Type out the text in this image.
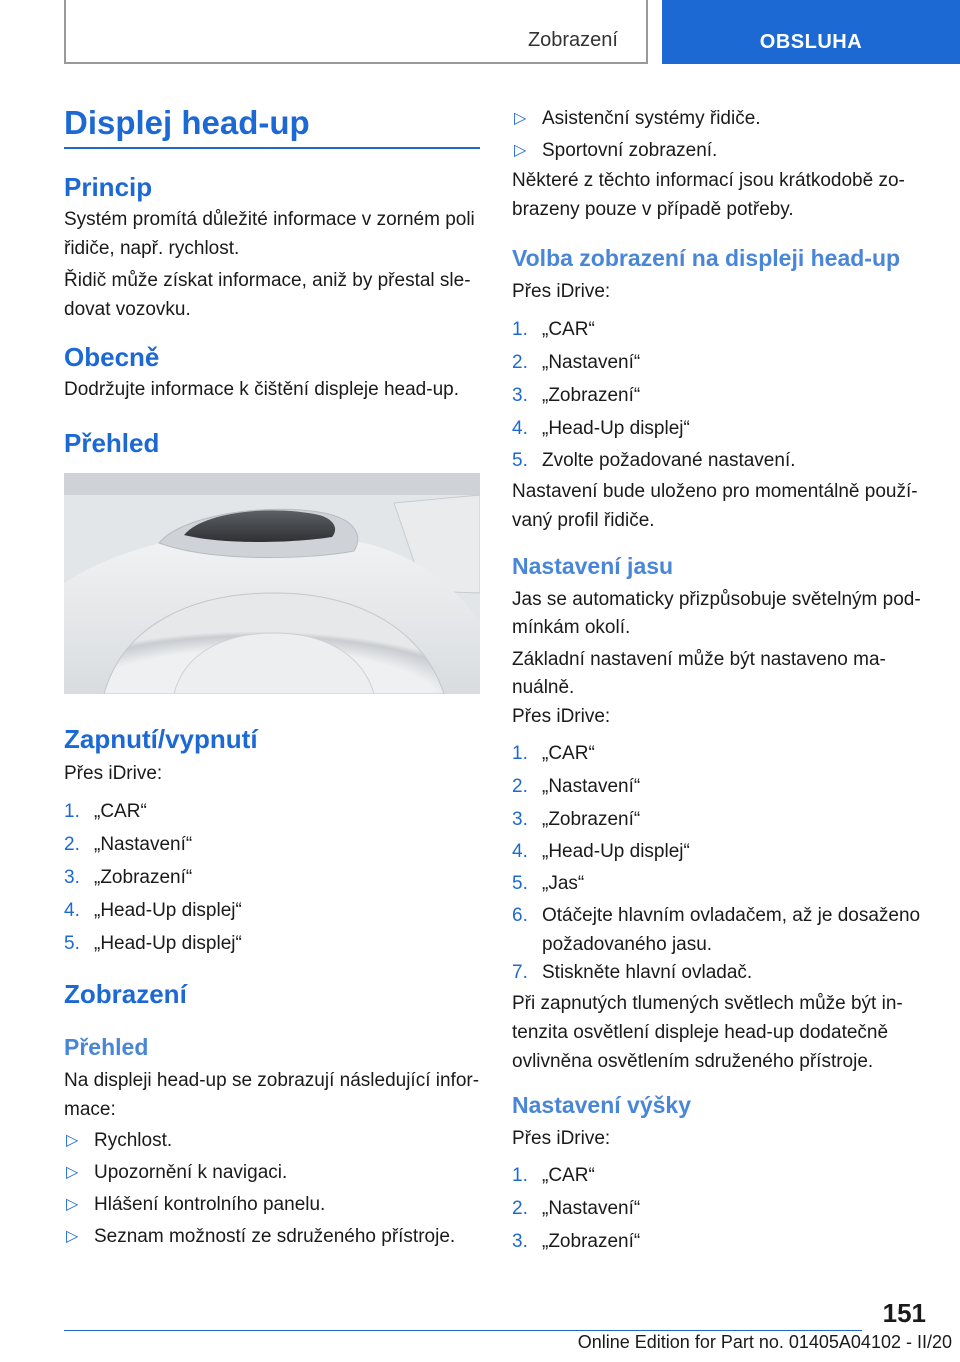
Zobrazení	OBSLUHA
Displej head-up
Princip
Systém promítá důležité informace v zorném poli
řidiče, např. rychlost.
Řidič může získat informace, aniž by přestal sle-
dovat vozovku.
Obecně
Dodržujte informace k čištění displeje head-up.
Přehled
Zapnutí/vypnutí
Přes iDrive:
1. „CAR“
2. „Nastavení“
3. „Zobrazení“
4. „Head-Up displej“
5. „Head-Up displej“
Zobrazení
Přehled
Na displeji head-up se zobrazují následující infor-
mace:
▷ Rychlost.
▷ Upozornění k navigaci.
▷ Hlášení kontrolního panelu.
▷ Seznam možností ze sdruženého přístroje.
▷ Asistenční systémy řidiče.
▷ Sportovní zobrazení.
Některé z těchto informací jsou krátkodobě zo-
brazeny pouze v případě potřeby.
Volba zobrazení na displeji head-up
Přes iDrive:
1. „CAR“
2. „Nastavení“
3. „Zobrazení“
4. „Head-Up displej“
5. Zvolte požadované nastavení.
Nastavení bude uloženo pro momentálně použí-
vaný profil řidiče.
Nastavení jasu
Jas se automaticky přizpůsobuje světelným pod-
mínkám okolí.
Základní nastavení může být nastaveno ma-
nuálně.
Přes iDrive:
1. „CAR“
2. „Nastavení“
3. „Zobrazení“
4. „Head-Up displej“
5. „Jas“
6. Otáčejte hlavním ovladačem, až je dosaženo
požadovaného jasu.
7. Stiskněte hlavní ovladač.
Při zapnutých tlumených světlech může být in-
tenzita osvětlení displeje head-up dodatečně
ovlivněna osvětlením sdruženého přístroje.
Nastavení výšky
Přes iDrive:
1. „CAR“
2. „Nastavení“
3. „Zobrazení“
151
Online Edition for Part no. 01405A04102 - II/20
